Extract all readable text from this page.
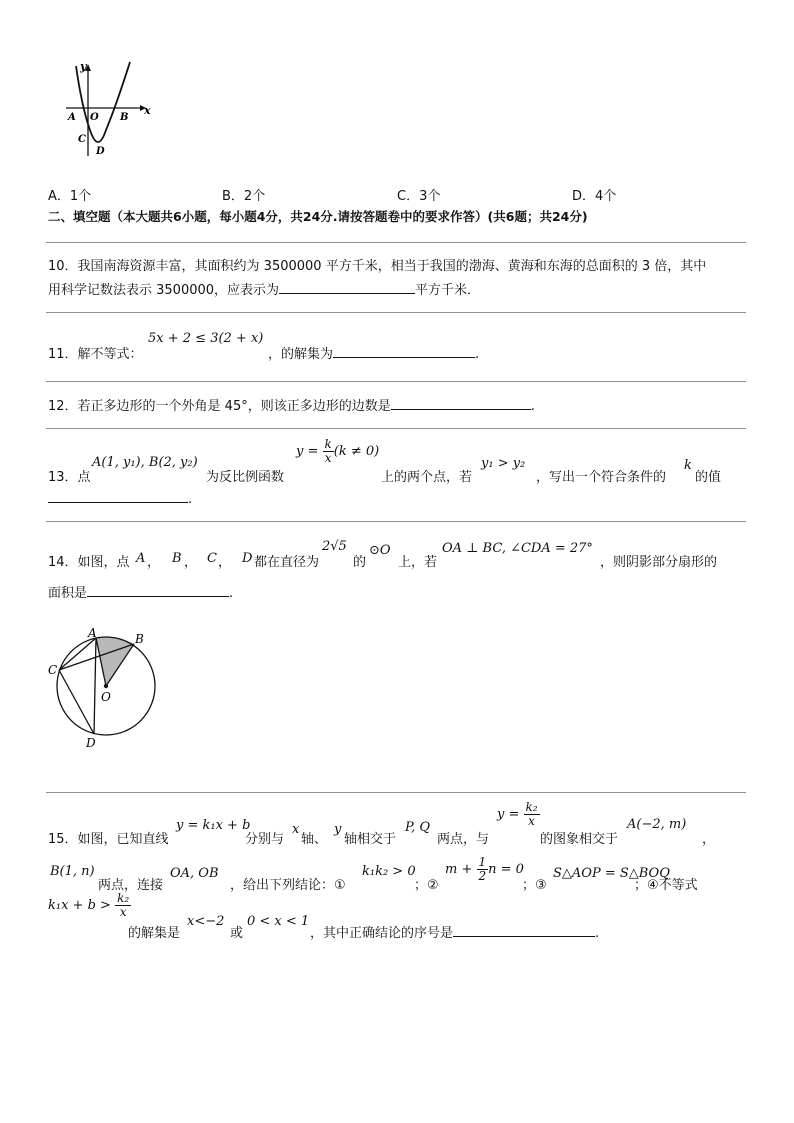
y
x
A O B
C
D
A．1个	B．2个	C．3个	D．4个
二、填空题（本大题共6小题，每小题4分，共24分.请按答题卷中的要求作答）(共6题；共24分)
10．我国南海资源丰富，其面积约为 3500000 平方千米，相当于我国的渤海、黄海和东海的总面积的 3 倍，其中
用科学记数法表示 3500000，应表示为	平方千米．
11．解不等式：
5x + 2 ≤ 3(2 + x)
，的解集为	.
12．若正多边形的一个外角是 45°，则该正多边形的边数是	.
13．点
A(1, y₁), B(2, y₂)
为反比例函数
$y = \frac{k}{x} (k \ne 0)$
上的两个点，若
y₁ > y₂
，写出一个符合条件的
k
的值
.
14．如图，点 A ， B ， C ， D 都在直径为
2√5
的
⊙O
上，若
OA ⊥ BC, ∠CDA = 27°
，则阴影部分扇形的
面积是	.
A	B
C
O
D
15．如图，已知直线
y = k₁x + b
分别与
x
轴、
y
轴相交于
P, Q
两点，与
$y = \frac{\text{k₂}}{x}$
的图象相交于
A(−2, m)
，
B(1, n)
两点，连接
OA, OB
，给出下列结论：①
k₁k₂ > 0
；②
$m + \frac{1}{2}$ n = 0
；③
S△AOP = S△BOQ
；④不等式
$k_1x + b > \frac{\text{k₂}}{x}$
的解集是
x<−2
或
0 < x < 1
，其中正确结论的序号是	.
